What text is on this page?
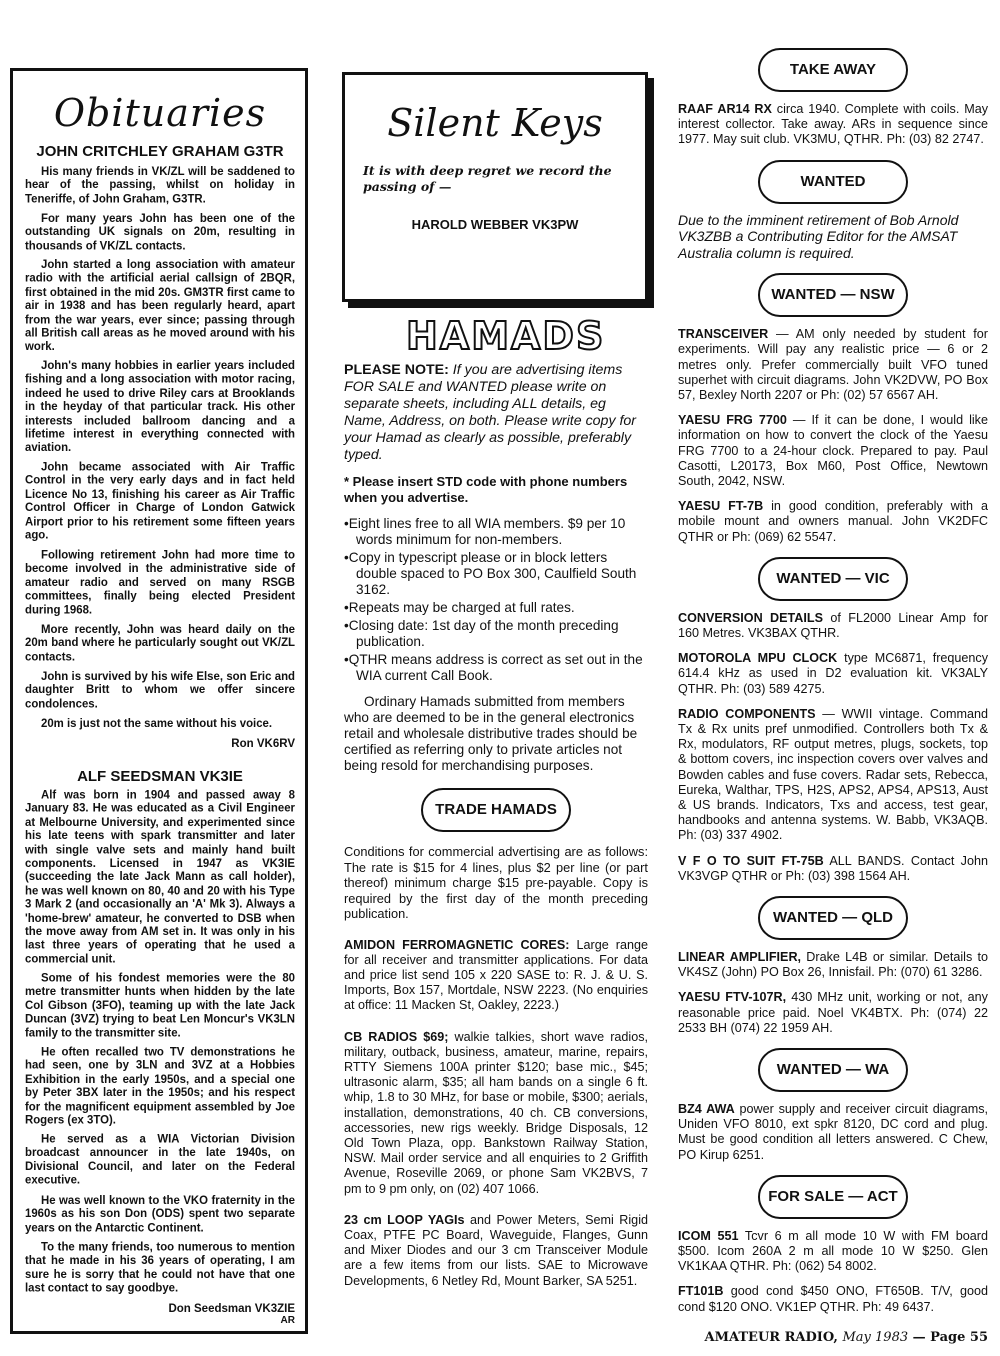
Obituaries
JOHN CRITCHLEY GRAHAM G3TR

His many friends in VK/ZL will be saddened to hear of the passing, whilst on holiday in Teneriffe, of John Graham, G3TR.

For many years John has been one of the outstanding UK signals on 20m, resulting in thousands of VK/ZL contacts.

John started a long association with amateur radio with the artificial aerial callsign of 2BQR, first obtained in the mid 20s. GM3TR first came to air in 1938 and has been regularly heard, apart from the war years, ever since; passing through all British call areas as he moved around with his work.

John's many hobbies in earlier years included fishing and a long association with motor racing, indeed he used to drive Riley cars at Brooklands in the heyday of that particular track. His other interests included ballroom dancing and a lifetime interest in everything connected with aviation.

John became associated with Air Traffic Control in the very early days and in fact held Licence No 13, finishing his career as Air Traffic Control Officer in Charge of London Gatwick Airport prior to his retirement some fifteen years ago.

Following retirement John had more time to become involved in the administrative side of amateur radio and served on many RSGB committees, finally being elected President during 1968.

More recently, John was heard daily on the 20m band where he particularly sought out VK/ZL contacts.

John is survived by his wife Else, son Eric and daughter Britt to whom we offer sincere condolences.

20m is just not the same without his voice.

Ron VK6RV
ALF SEEDSMAN VK3IE

Alf was born in 1904 and passed away 8 January 83. He was educated as a Civil Engineer at Melbourne University, and experimented since his late teens with spark transmitter and later with single valve sets and mainly hand built components. Licensed in 1947 as VK3IE (succeeding the late Jack Mann as call holder), he was well known on 80, 40 and 20 with his Type 3 Mark 2 (and occasionally an 'A' Mk 3). Always a 'home-brew' amateur, he converted to DSB when the move away from AM set in. It was only in his last three years of operating that he used a commercial unit.

Some of his fondest memories were the 80 metre transmitter hunts when hidden by the late Col Gibson (3FO), teaming up with the late Jack Duncan (3VZ) trying to beat Len Moncur's VK3LN family to the transmitter site.

He often recalled two TV demonstrations he had seen, one by 3LN and 3VZ at a Hobbies Exhibition in the early 1950s, and a special one by Peter 3BX later in the 1950s; and his respect for the magnificent equipment assembled by Joe Rogers (ex 3TO).

He served as a WIA Victorian Division broadcast announcer in the late 1940s, on Divisional Council, and later on the Federal executive.

He was well known to the VKO fraternity in the 1960s as his son Don (ODS) spent two separate years on the Antarctic Continent.

To the many friends, too numerous to mention that he made in his 36 years of operating, I am sure he is sorry that he could not have that one last contact to say goodbye.

Don Seedsman VK3ZIE
AR
Silent Keys
It is with deep regret we record the passing of —
HAROLD WEBBER VK3PW
HAMADS

PLEASE NOTE: If you are advertising items FOR SALE and WANTED please write on separate sheets, including ALL details, eg Name, Address, on both. Please write copy for your Hamad as clearly as possible, preferably typed.

* Please insert STD code with phone numbers when you advertise.

•Eight lines free to all WIA members. $9 per 10 words minimum for non-members.
•Copy in typescript please or in block letters double spaced to PO Box 300, Caulfield South 3162.
•Repeats may be charged at full rates.
•Closing date: 1st day of the month preceding publication.
•QTHR means address is correct as set out in the WIA current Call Book.

Ordinary Hamads submitted from members who are deemed to be in the general electronics retail and wholesale distributive trades should be certified as referring only to private articles not being resold for merchandising purposes.

TRADE HAMADS

Conditions for commercial advertising are as follows: The rate is $15 for 4 lines, plus $2 per line (or part thereof) minimum charge $15 pre-payable. Copy is required by the first day of the month preceding publication.

AMIDON FERROMAGNETIC CORES: Large range for all receiver and transmitter applications. For data and price list send 105 x 220 SASE to: R. J. & U. S. Imports, Box 157, Mortdale, NSW 2223. (No enquiries at office: 11 Macken St, Oakley, 2223.)

CB RADIOS $69; walkie talkies, short wave radios, military, outback, business, amateur, marine, repairs, RTTY Siemens 100A printer $120; base mic., $45; ultrasonic alarm, $35; all ham bands on a single 6 ft. whip, 1.8 to 30 MHz, for base or mobile, $300; aerials, installation, demonstrations, 40 ch. CB conversions, accessories, new rigs weekly. Bridge Disposals, 12 Old Town Plaza, opp. Bankstown Railway Station, NSW. Mail order service and all enquiries to 2 Griffith Avenue, Roseville 2069, or phone Sam VK2BVS, 7 pm to 9 pm only, on (02) 407 1066.

23 cm LOOP YAGIs and Power Meters, Semi Rigid Coax, PTFE PC Board, Waveguide, Flanges, Gunn and Mixer Diodes and our 3 cm Transceiver Module are a few items from our lists. SAE to Microwave Developments, 6 Netley Rd, Mount Barker, SA 5251.

TAKE AWAY

RAAF AR14 RX circa 1940. Complete with coils. May interest collector. Take away. ARs in sequence since 1977. May suit club. VK3MU, QTHR. Ph: (03) 82 2747.

WANTED

Due to the imminent retirement of Bob Arnold VK3ZBB a Contributing Editor for the AMSAT Australia column is required.

WANTED — NSW

TRANSCEIVER — AM only needed by student for experiments. Will pay any realistic price — 6 or 2 metres only. Prefer commercially built VFO tuned superhet with circuit diagrams. John VK2DVW, PO Box 57, Bexley North 2207 or Ph: (02) 57 6567 AH.

YAESU FRG 7700 — If it can be done, I would like information on how to convert the clock of the Yaesu FRG 7700 to a 24-hour clock. Prepared to pay. Paul Casotti, L20173, Box M60, Post Office, Newtown South, 2042, NSW.

YAESU FT-7B in good condition, preferably with a mobile mount and owners manual. John VK2DFC QTHR or Ph: (069) 62 5547.

WANTED — VIC

CONVERSION DETAILS of FL2000 Linear Amp for 160 Metres. VK3BAX QTHR.

MOTOROLA MPU CLOCK type MC6871, frequency 614.4 kHz as used in D2 evaluation kit. VK3ALY QTHR. Ph: (03) 589 4275.

RADIO COMPONENTS — WWII vintage. Command Tx & Rx units pref unmodified. Controllers both Tx & Rx, modulators, RF output metres, plugs, sockets, top & bottom covers, inc inspection covers over valves and Bowden cables and fuse covers. Radar sets, Rebecca, Eureka, Walthar, TPS, H2S, APS2, APS4, APS13, Aust & US brands. Indicators, Txs and access, test gear, handbooks and antenna systems. W. Babb, VK3AQB. Ph: (03) 337 4902.

V F O TO SUIT FT-75B ALL BANDS. Contact John VK3VGP QTHR or Ph: (03) 398 1564 AH.

WANTED — QLD

LINEAR AMPLIFIER, Drake L4B or similar. Details to VK4SZ (John) PO Box 26, Innisfail. Ph: (070) 61 3286.

YAESU FTV-107R, 430 MHz unit, working or not, any reasonable price paid. Noel VK4BTX. Ph: (074) 22 2533 BH (074) 22 1959 AH.

WANTED — WA

BZ4 AWA power supply and receiver circuit diagrams, Uniden VFO 8010, ext spkr 8120, DC cord and plug. Must be good condition all letters answered. C Chew, PO Kirup 6251.

FOR SALE — ACT

ICOM 551 Tcvr 6 m all mode 10 W with FM board $500. Icom 260A 2 m all mode 10 W $250. Glen VK1KAA QTHR. Ph: (062) 54 8002.

FT101B good cond $450 ONO, FT650B. T/V, good cond $120 ONO. VK1EP QTHR. Ph: 49 6437.

AMATEUR RADIO, May 1983 — Page 55
